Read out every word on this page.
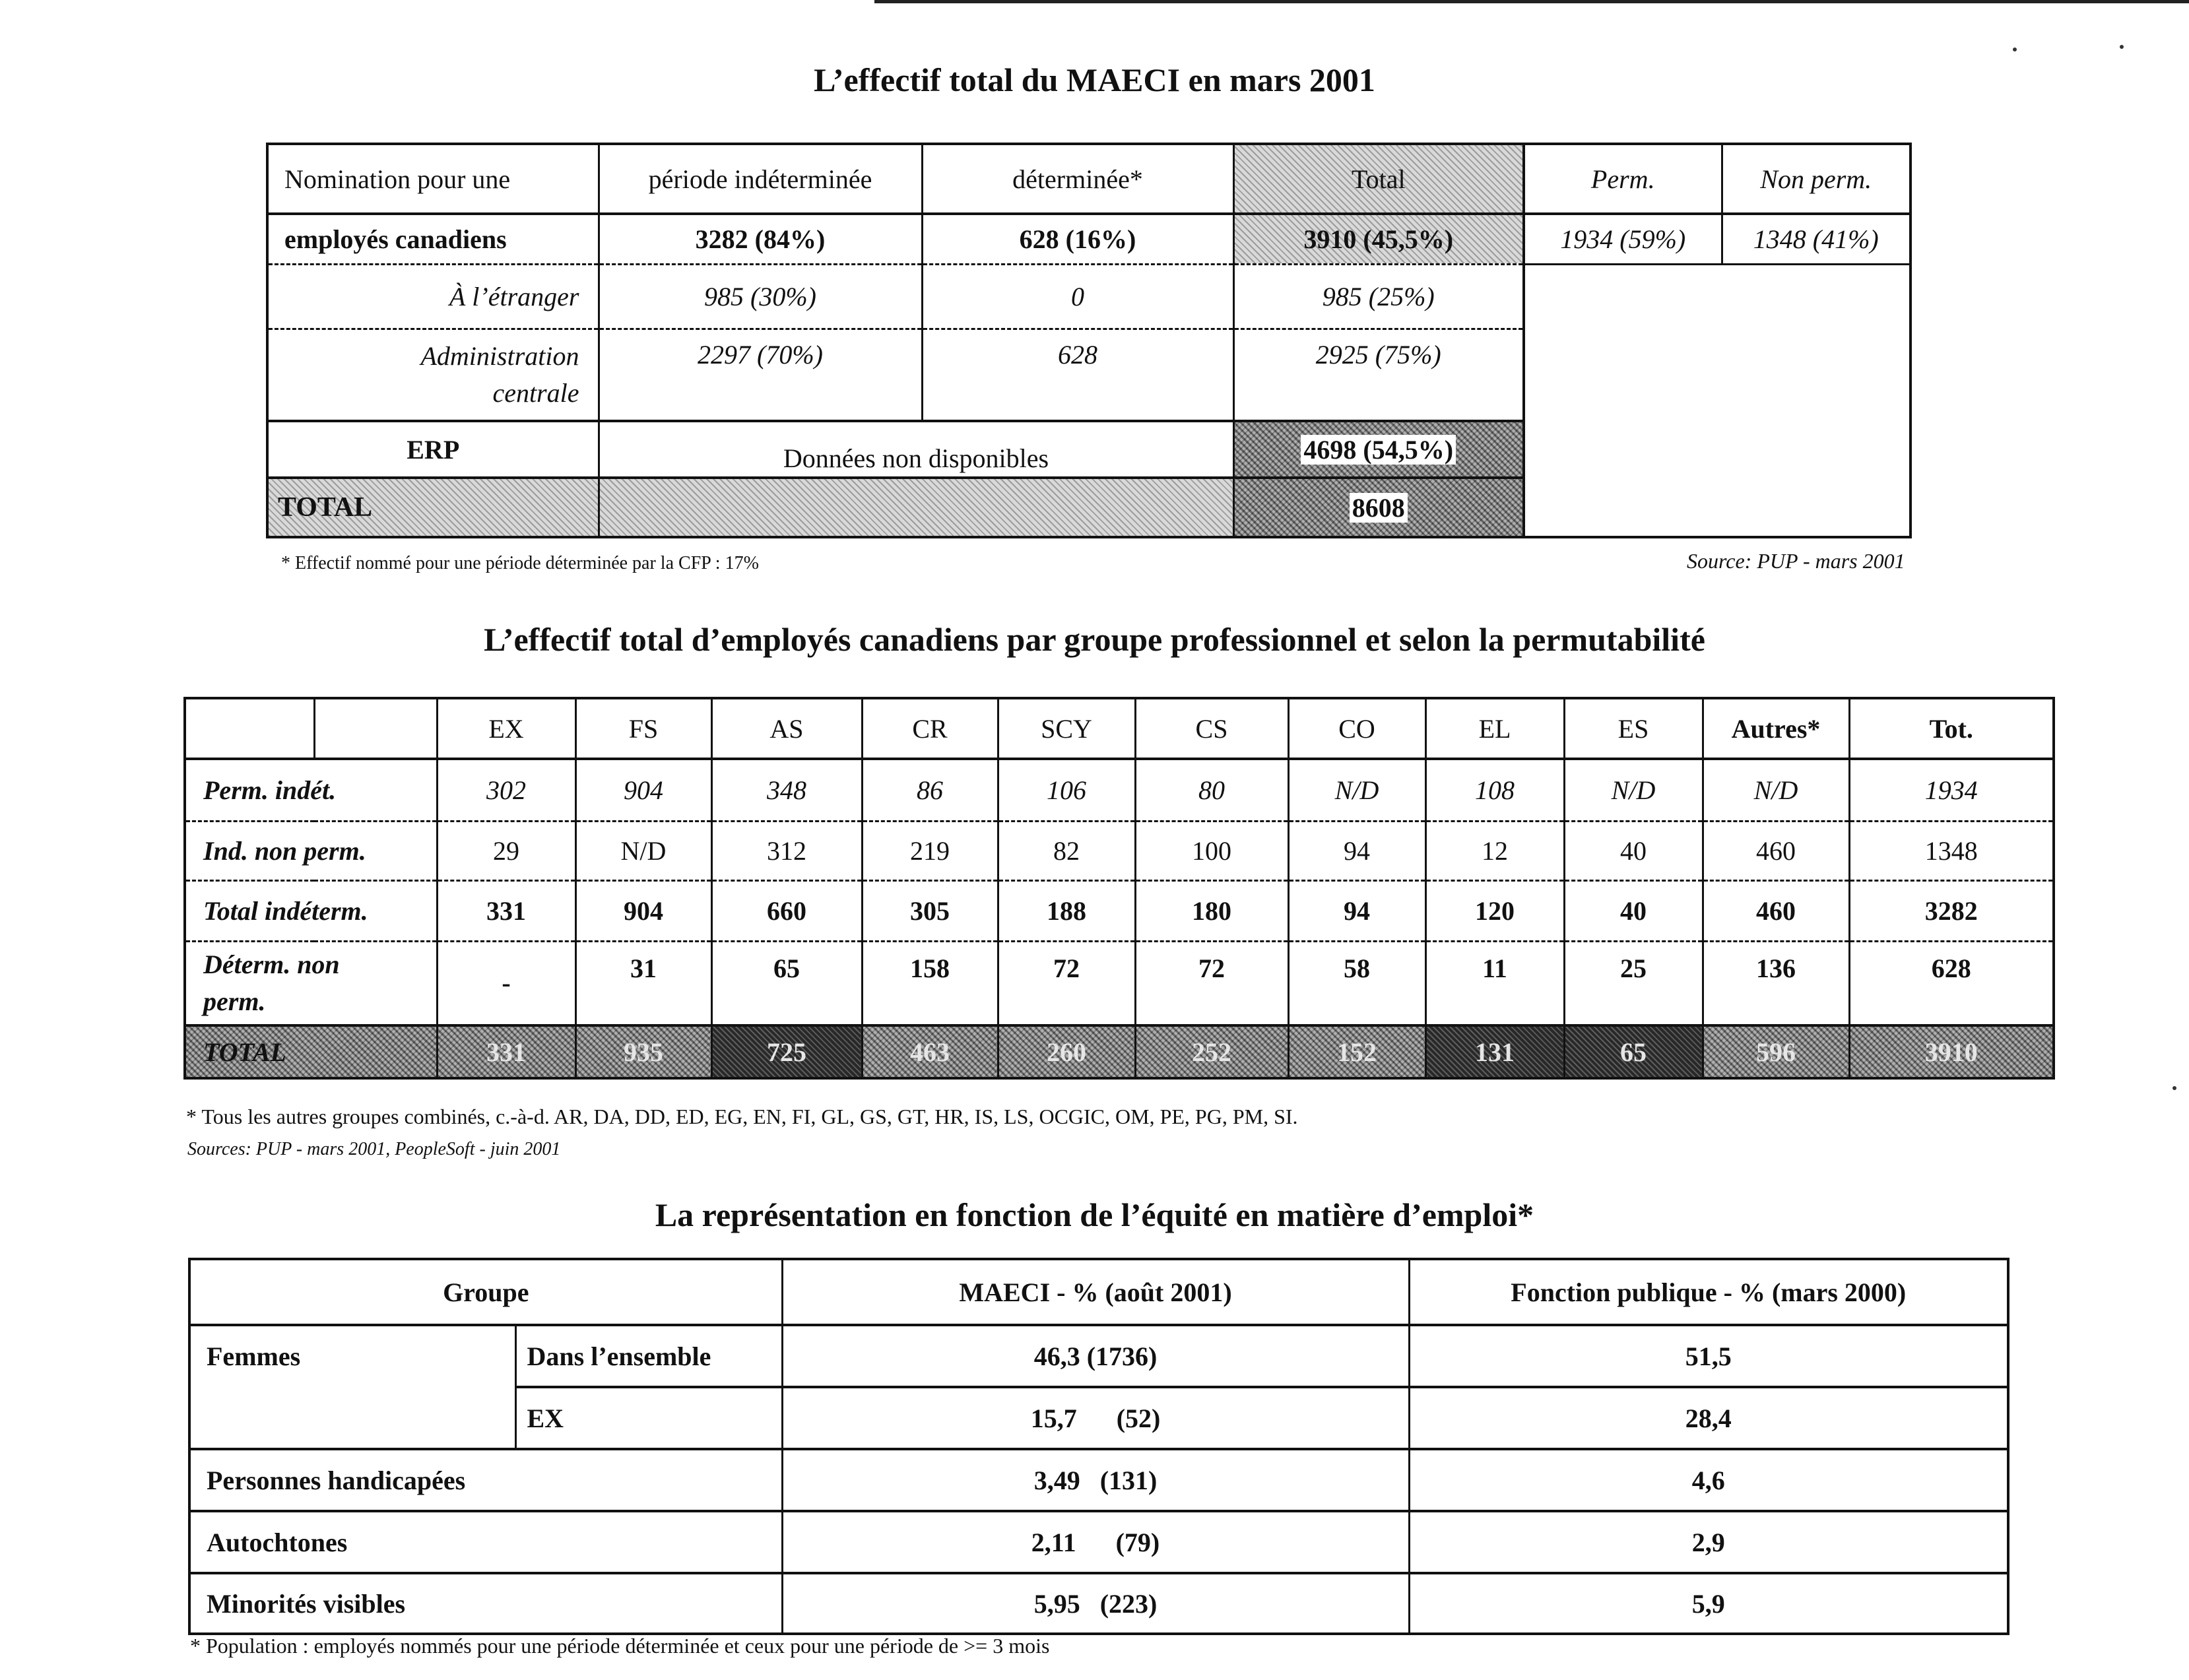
L’effectif total du MAECI en mars 2001
Nomination pour une	période indéterminée	déterminée*	Total	Perm.	Non perm.
employés canadiens	3282 (84%)	628 (16%)	3910 (45,5%)	1934 (59%)	1348 (41%)
À l’étranger	985 (30%)	0	985 (25%)		
Administration
centrale	2297 (70%)	628	2925 (75%)		
ERP	Données non disponibles		4698 (54,5%)		
TOTAL			8608		
* Effectif nommé pour une période déterminée par la CFP : 17%	Source: PUP - mars 2001
L’effectif total d’employés canadiens par groupe professionnel et selon la permutabilité
		EX	FS	AS	CR	SCY	CS	CO	EL	ES	Autres*	Tot.
Perm. indét.		302	904	348	86	106	80	N/D	108	N/D	N/D	1934
Ind. non perm.		29	N/D	312	219	82	100	94	12	40	460	1348
Total indéterm.		331	904	660	305	188	180	94	120	40	460	3282
Déterm. non
perm.		-	31	65	158	72	72	58	11	25	136	628
TOTAL		331	935	725	463	260	252	152	131	65	596	3910
* Tous les autres groupes combinés, c.-à-d. AR, DA, DD, ED, EG, EN, FI, GL, GS, GT, HR, IS, LS, OCGIC, OM, PE, PG, PM, SI.
Sources: PUP - mars 2001, PeopleSoft - juin 2001
La représentation en fonction de l’équité en matière d’emploi*
Groupe		MAECI - % (août 2001)	Fonction publique - % (mars 2000)
Femmes	Dans l’ensemble	46,3 (1736)	51,5
	EX	15,7      (52)	28,4
Personnes handicapées		3,49   (131)	4,6
Autochtones		2,11      (79)	2,9
Minorités visibles		5,95   (223)	5,9
* Population : employés nommés pour une période déterminée et ceux pour une période de >= 3 mois
